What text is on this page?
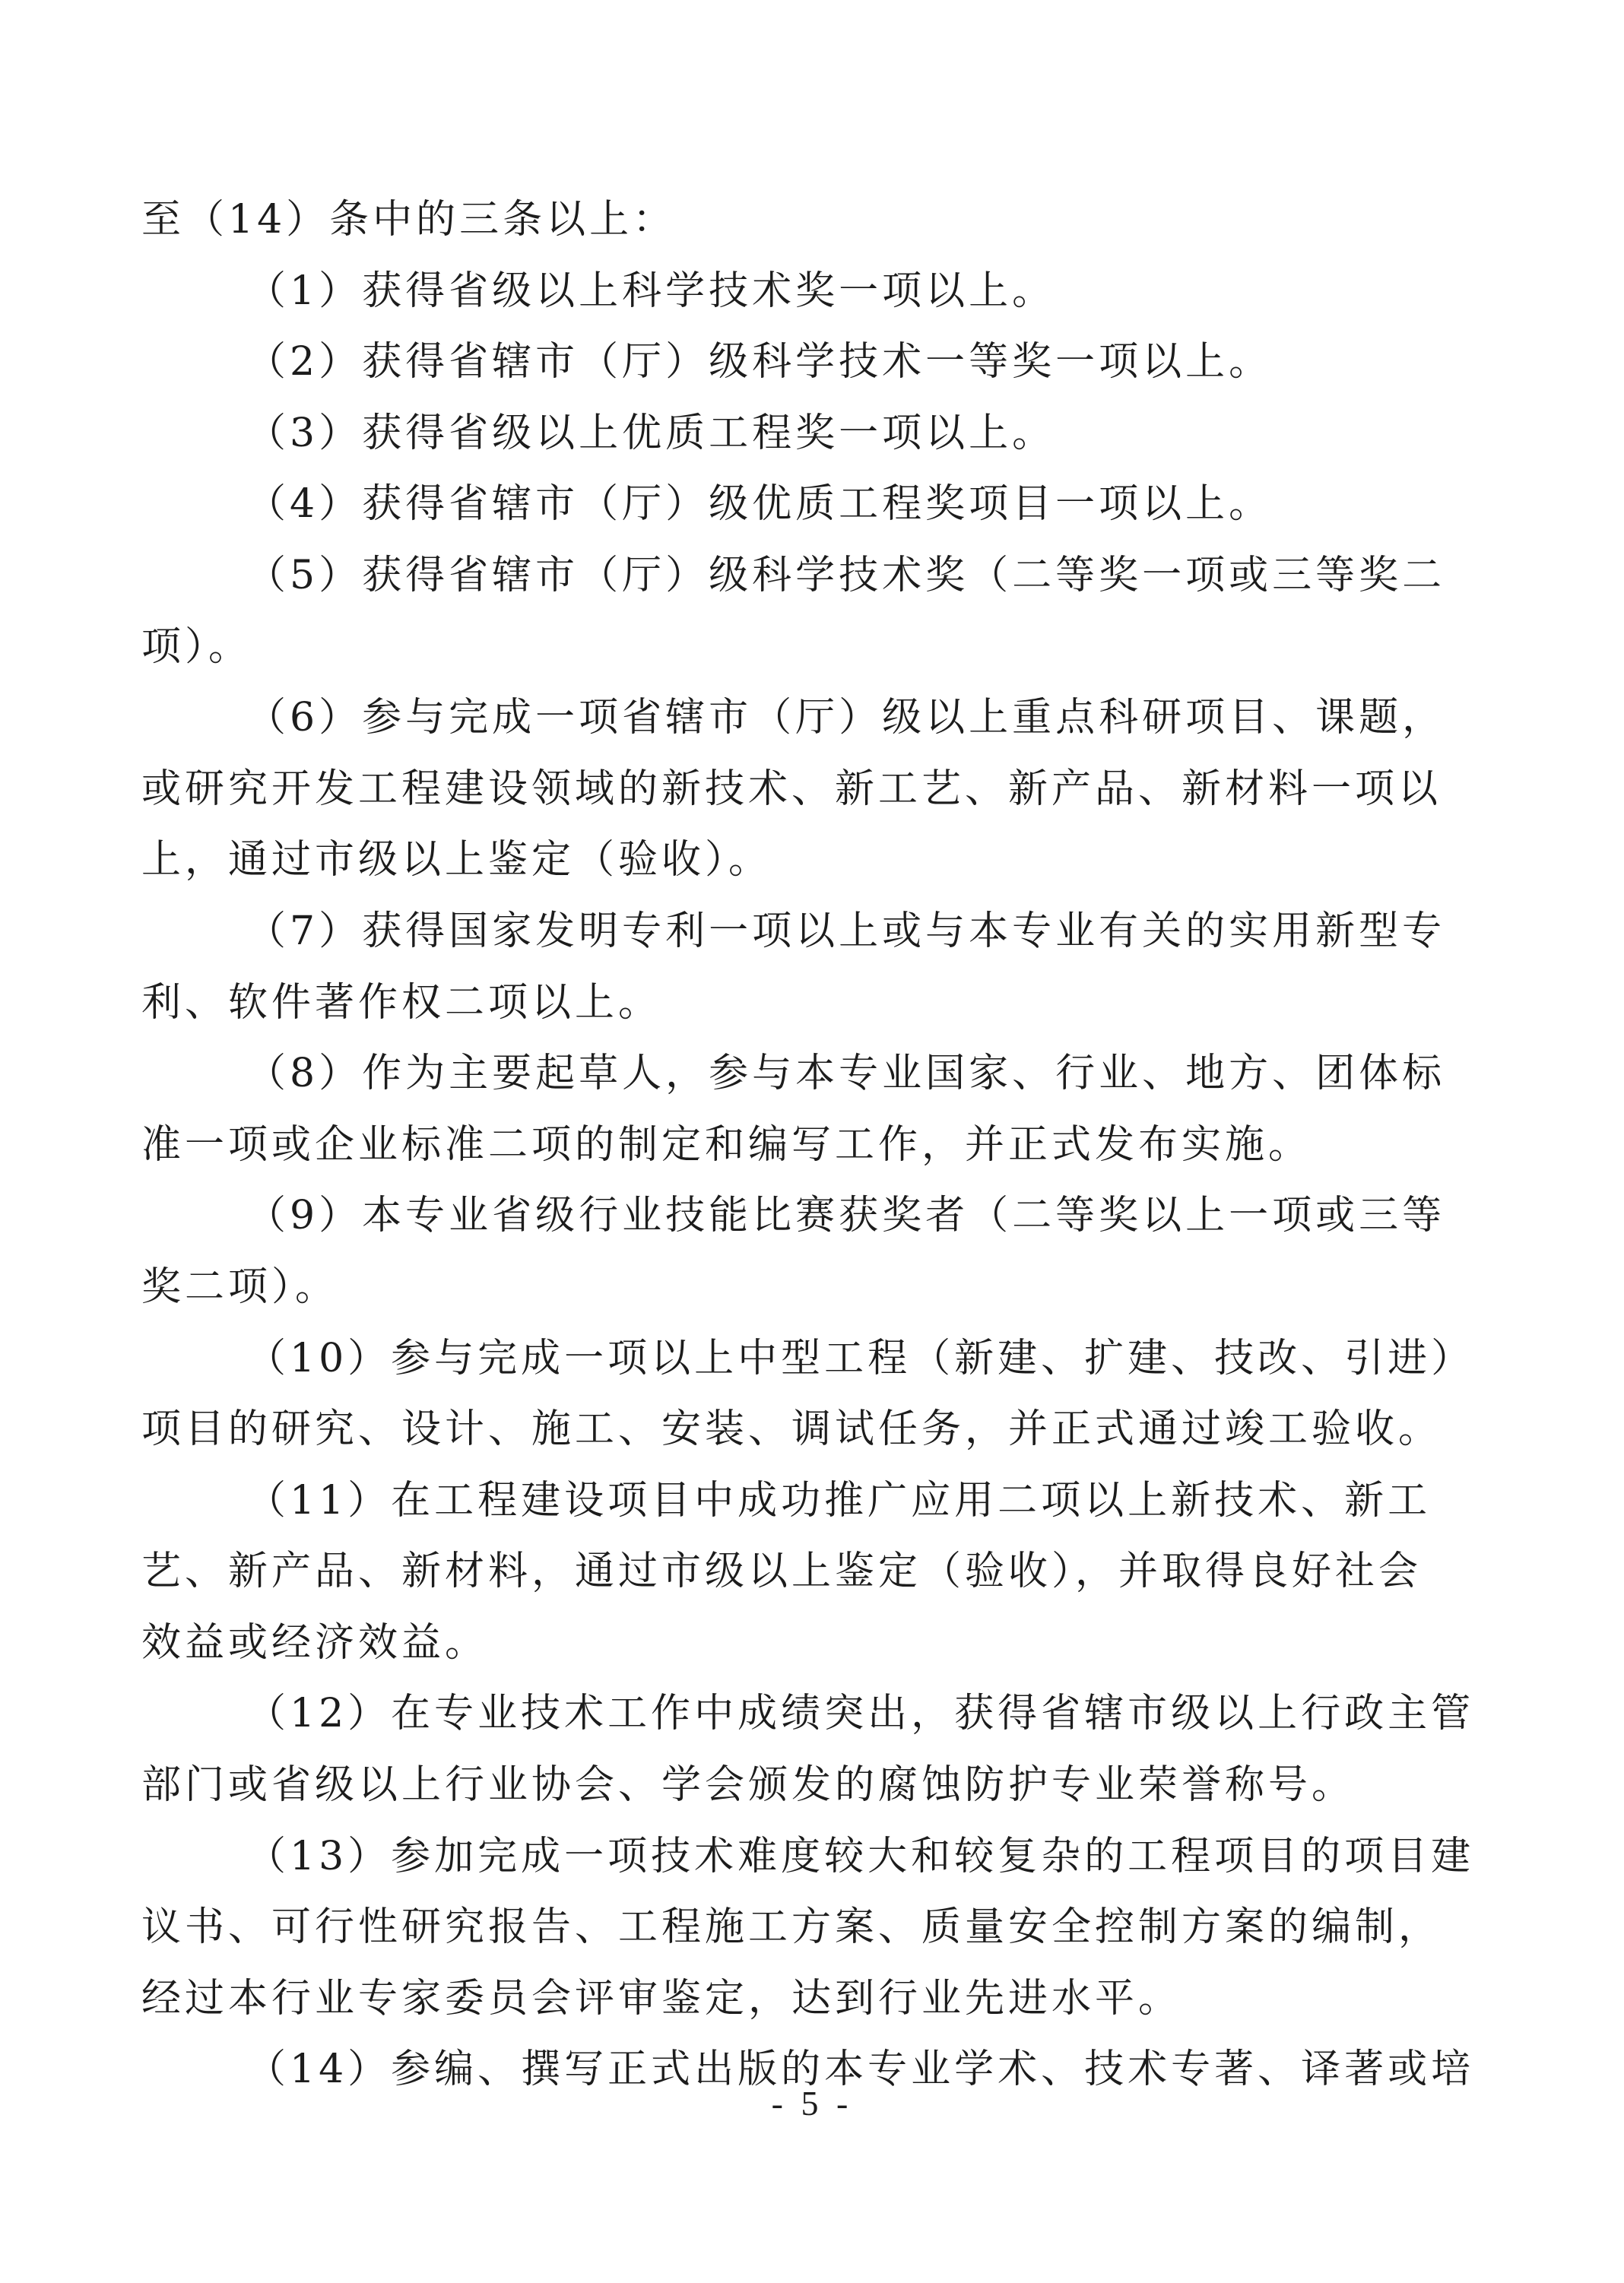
至（14）条中的三条以上：
（1）获得省级以上科学技术奖一项以上。
（2）获得省辖市（厅）级科学技术一等奖一项以上。
（3）获得省级以上优质工程奖一项以上。
（4）获得省辖市（厅）级优质工程奖项目一项以上。
（5）获得省辖市（厅）级科学技术奖（二等奖一项或三等奖二
项）。
（6）参与完成一项省辖市（厅）级以上重点科研项目、课题，
或研究开发工程建设领域的新技术、新工艺、新产品、新材料一项以
上，通过市级以上鉴定（验收）。
（7）获得国家发明专利一项以上或与本专业有关的实用新型专
利、软件著作权二项以上。
（8）作为主要起草人，参与本专业国家、行业、地方、团体标
准一项或企业标准二项的制定和编写工作，并正式发布实施。
（9）本专业省级行业技能比赛获奖者（二等奖以上一项或三等
奖二项）。
（10）参与完成一项以上中型工程（新建、扩建、技改、引进）
项目的研究、设计、施工、安装、调试任务，并正式通过竣工验收。
（11）在工程建设项目中成功推广应用二项以上新技术、新工
艺、新产品、新材料，通过市级以上鉴定（验收），并取得良好社会
效益或经济效益。
（12）在专业技术工作中成绩突出，获得省辖市级以上行政主管
部门或省级以上行业协会、学会颁发的腐蚀防护专业荣誉称号。
（13）参加完成一项技术难度较大和较复杂的工程项目的项目建
议书、可行性研究报告、工程施工方案、质量安全控制方案的编制，
经过本行业专家委员会评审鉴定，达到行业先进水平。
（14）参编、撰写正式出版的本专业学术、技术专著、译著或培
- 5 -
